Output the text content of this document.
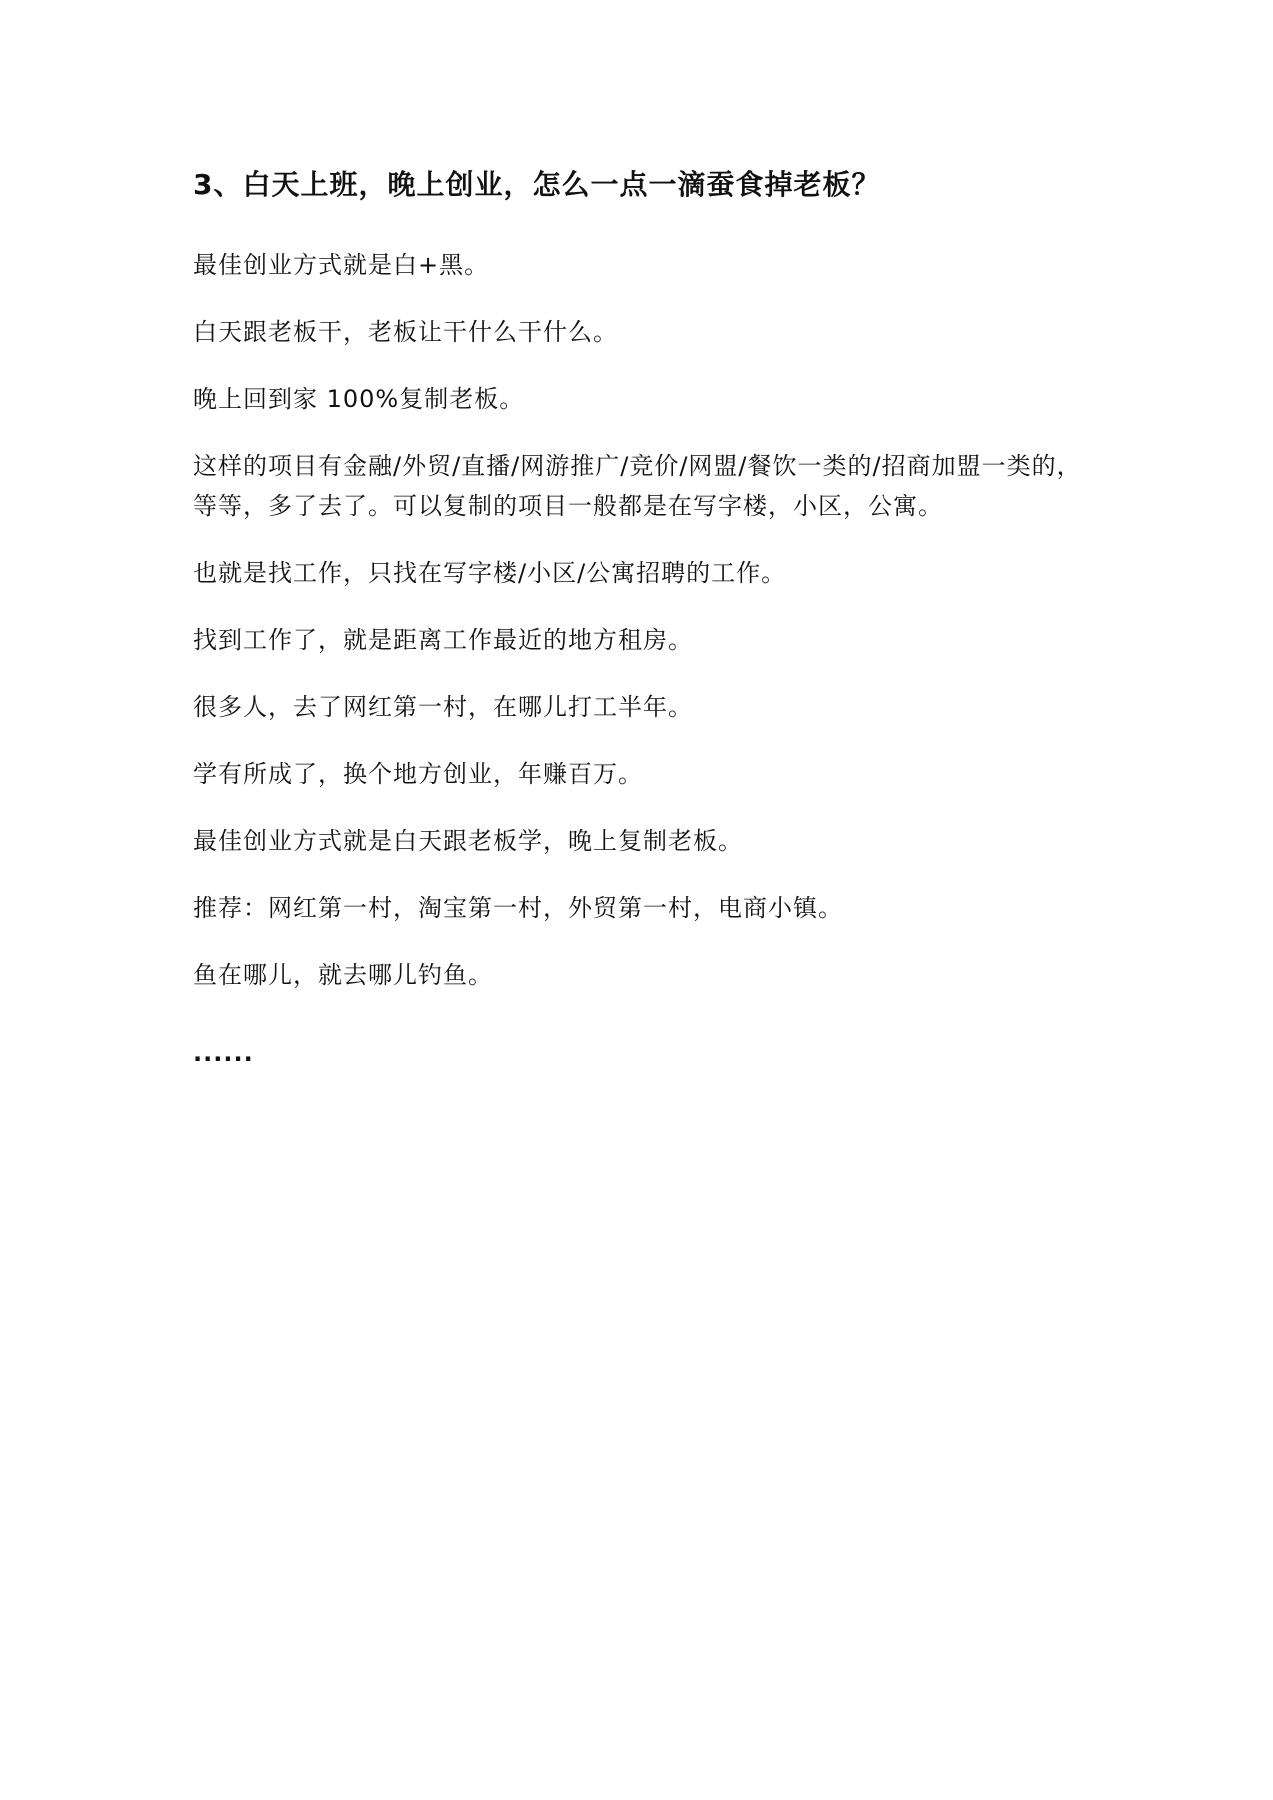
3、白天上班，晚上创业，怎么一点一滴蚕食掉老板？

最佳创业方式就是白+黑。

白天跟老板干，老板让干什么干什么。

晚上回到家 100%复制老板。

这样的项目有金融/外贸/直播/网游推广/竞价/网盟/餐饮一类的/招商加盟一类的，等等，多了去了。可以复制的项目一般都是在写字楼，小区，公寓。

也就是找工作，只找在写字楼/小区/公寓招聘的工作。

找到工作了，就是距离工作最近的地方租房。

很多人，去了网红第一村，在哪儿打工半年。

学有所成了，换个地方创业，年赚百万。

最佳创业方式就是白天跟老板学，晚上复制老板。

推荐：网红第一村，淘宝第一村，外贸第一村，电商小镇。

鱼在哪儿，就去哪儿钓鱼。

......
